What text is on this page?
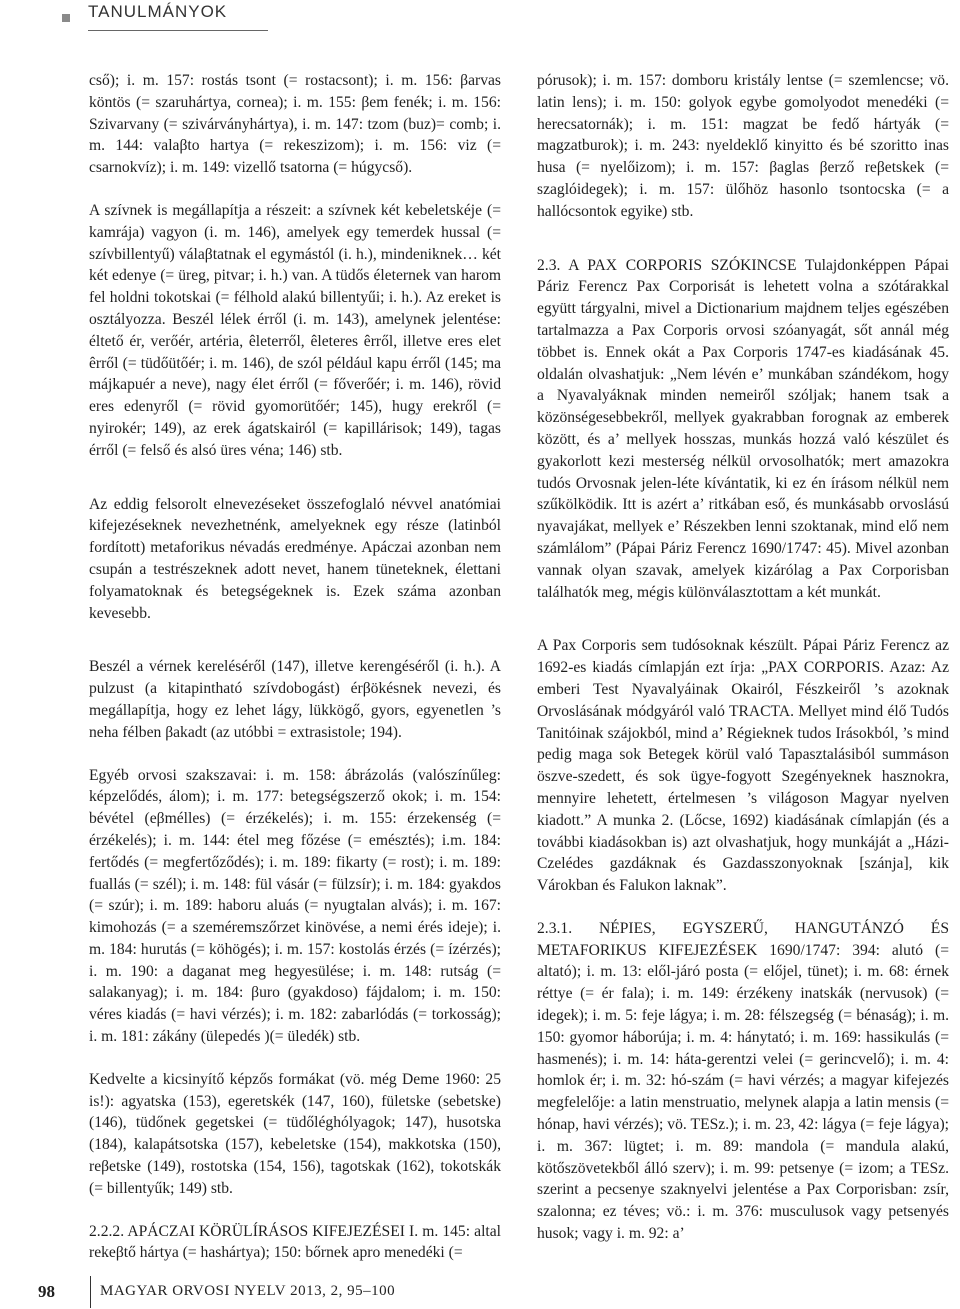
TANULMÁNYOK

cső); i. m. 157: rostás tsont (= rostacsont); i. m. 156: βarvas köntös (= szaruhártya, cornea); i. m. 155: βem fenék; i. m. 156: Szivarvany (= szivárványhártya), i. m. 147: tzom (buz)= comb; i. m. 144: valaβto hartya (= rekeszizom); i. m. 156: viz (= csarnokvíz); i. m. 149: vizellő tsatorna (= húgycső).

A szívnek is megállapítja a részeit: a szívnek két kebeletskéje (= kamrája) vagyon (i. m. 146), amelyek egy temerdek hussal (= szívbillentyű) válaβtatnak el egymástól (i. h.), mindeniknek… két két edenye (= üreg, pitvar; i. h.) van. A tüdős életernek van harom fel holdni tokotskai (= félhold alakú billentyűi; i. h.). Az ereket is osztályozza. Beszél lélek érről (i. m. 143), amelynek jelentése: éltető ér, verőér, artéria, êleterről, êleteres êrről, illetve eres elet êrről (= tüdőütőér; i. m. 146), de szól például kapu érről (145; ma májkapuér a neve), nagy élet érről (= főverőér; i. m. 146), rövid eres edenyről (= rövid gyomorütőér; 145), hugy erekről (= nyirokér; 149), az erek ágatskairól (= kapillárisok; 149), tagas érről (= felső és alsó üres véna; 146) stb.

Az eddig felsorolt elnevezéseket összefoglaló névvel anatómiai kifejezéseknek nevezhetnénk, amelyeknek egy része (latinból fordított) metaforikus névadás eredménye. Apáczai azonban nem csupán a testrészeknek adott nevet, hanem tüneteknek, élettani folyamatoknak és betegségeknek is. Ezek száma azonban kevesebb.

Beszél a vérnek kereléséről (147), illetve kerengéséről (i. h.). A pulzust (a kitapintható szívdobogást) érβökésnek nevezi, és megállapítja, hogy ez lehet lágy, lükkögő, gyors, egyenetlen ’s neha félben βakadt (az utóbbi = extrasistole; 194).

Egyéb orvosi szakszavai: i. m. 158: ábrázolás (valószínűleg: képzelődés, álom); i. m. 177: betegségszerző okok; i. m. 154: bévétel (eβmélles) (= érzékelés); i. m. 155: érzekenség (= érzékelés); i. m. 144: étel meg főzése (= emésztés); i.m. 184: fertődés (= megfertőződés); i. m. 189: fikarty (= rost); i. m. 189: fuallás (= szél); i. m. 148: fül vásár (= fülzsír); i. m. 184: gyakdos (= szúr); i. m. 189: haboru aluás (= nyugtalan alvás); i. m. 167: kimohozás (= a szeméremszőrzet kinövése, a nemi érés ideje); i. m. 184: hurutás (= köhögés); i. m. 157: kostolás érzés (= ízérzés); i. m. 190: a daganat meg hegyesülése; i. m. 148: rutság (= salakanyag); i. m. 184: βuro (gyakdoso) fájdalom; i. m. 150: véres kiadás (= havi vérzés); i. m. 182: zabarlódás (= torkosság); i. m. 181: zákány (ülepedés )(= üledék) stb.

Kedvelte a kicsinyítő képzős formákat (vö. még Deme 1960: 25 is!): agyatska (153), egeretskék (147, 160), fületske (sebetske) (146), tüdőnek gegetskei (= tüdőléghólyagok; 147), husotska (184), kalapátsotska (157), kebeletske (154), makkotska (150), reβetske (149), rostotska (154, 156), tagotskak (162), tokotskák (= billentyűk; 149) stb.

2.2.2. APÁCZAI KÖRÜLÍRÁSOS KIFEJEZÉSEI I. m. 145: altal rekeβtő hártya (= hashártya); 150: bőrnek apro menedéki (=

pórusok); i. m. 157: domboru kristály lentse (= szemlencse; vö. latin lens); i. m. 150: golyok egybe gomolyodot menedéki (= herecsatornák); i. m. 151: magzat be fedő hártyák (= magzatburok); i. m. 243: nyeldeklő kinyitto és bé szoritto inas husa (= nyelőizom); i. m. 157: βaglas βerző reβetskek (= szaglóidegek); i. m. 157: ülőhöz hasonlo tsontocska (= a hallócsontok egyike) stb.

2.3. A PAX CORPORIS SZÓKINCSE Tulajdonképpen Pápai Páriz Ferencz Pax Corporisát is lehetett volna a szótárakkal együtt tárgyalni, mivel a Dictionarium majdnem teljes egészében tartalmazza a Pax Corporis orvosi szóanyagát, sőt annál még többet is. Ennek okát a Pax Corporis 1747-es kiadásának 45. oldalán olvashatjuk: „Nem lévén e’ munkában szándékom, hogy a Nyavalyáknak minden nemeiről szóljak; hanem tsak a közönségesebbekről, mellyek gyakrabban forognak az emberek között, és a’ mellyek hosszas, munkás hozzá való készület és gyakorlott kezi mesterség nélkül orvosolhatók; mert amazokra tudós Orvosnak jelen-léte kívántatik, ki ez én írásom nélkül nem szűkölködik. Itt is azért a’ ritkában eső, és munkásabb orvoslású nyavajákat, mellyek e’ Részekben lenni szoktanak, mind elő nem számlálom” (Pápai Páriz Ferencz 1690/1747: 45). Mivel azonban vannak olyan szavak, amelyek kizárólag a Pax Corporisban találhatók meg, mégis különválasztottam a két munkát.

A Pax Corporis sem tudósoknak készült. Pápai Páriz Ferencz az 1692-es kiadás címlapján ezt írja: „PAX CORPORIS. Azaz: Az emberi Test Nyavalyáinak Okairól, Fészkeiről ’s azoknak Orvoslásának módgyáról való TRACTA. Mellyet mind élő Tudós Tanitóinak szájokból, mind a’ Régieknek tudos Irásokból, ’s mind pedig maga sok Betegek körül való Tapasztalásiból summáson öszve-szedett, és sok ügye-fogyott Szegényeknek hasznokra, mennyire lehetett, értelmesen ’s világoson Magyar nyelven kiadott.” A munka 2. (Lőcse, 1692) kiadásának címlapján (és a további kiadásokban is) azt olvashatjuk, hogy munkáját a „Házi-Czelédes gazdáknak és Gazdasszonyoknak [szánja], kik Várokban és Falukon laknak”.

2.3.1. NÉPIES, EGYSZERŰ, HANGUTÁNZÓ ÉS METAFORIKUS KIFEJEZÉSEK 1690/1747: 394: alutó (= altató); i. m. 13: elől-járó posta (= előjel, tünet); i. m. 68: érnek réttye (= ér fala); i. m. 149: érzékeny inatskák (nervusok) (= idegek); i. m. 5: feje lágya; i. m. 28: félszegség (= bénaság); i. m. 150: gyomor háborúja; i. m. 4: hánytató; i. m. 169: hassikulás (= hasmenés); i. m. 14: háta-gerentzi velei (= gerincvelő); i. m. 4: homlok ér; i. m. 32: hó-szám (= havi vérzés; a magyar kifejezés megfelelője: a latin menstruatio, melynek alapja a latin mensis (= hónap, havi vérzés); vö. TESz.); i. m. 23, 42: lágya (= feje lágya); i. m. 367: lügtet; i. m. 89: mandola (= mandula alakú, kötőszövetekből álló szerv); i. m. 99: petsenye (= izom; a TESz. szerint a pecsenye szaknyelvi jelentése a Pax Corporisban: zsír, szalonna; ez téves; vö.: i. m. 376: musculusok vagy petsenyés husok; vagy i. m. 92: a’

98	MAGYAR ORVOSI NYELV 2013, 2, 95–100
